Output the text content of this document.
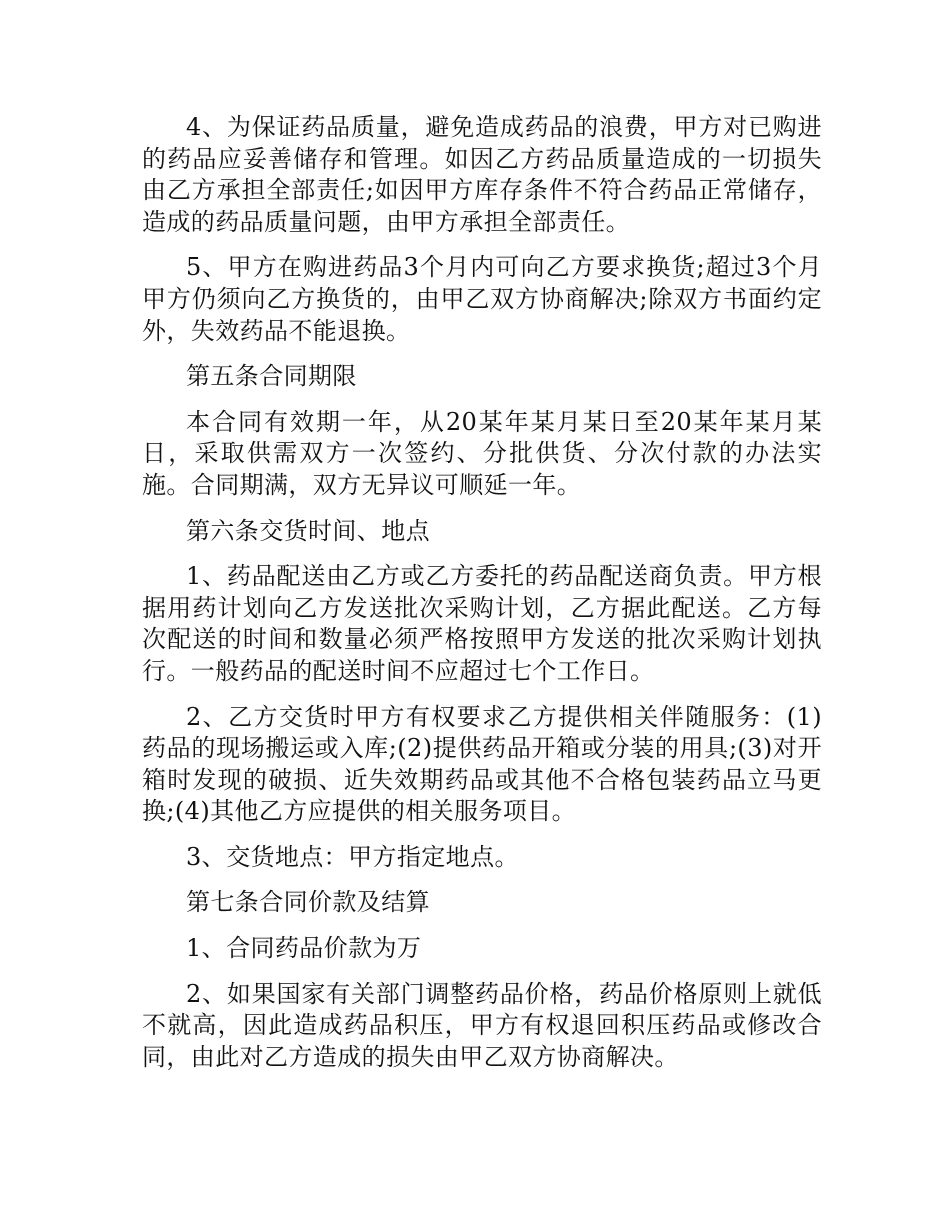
4、为保证药品质量，避免造成药品的浪费，甲方对已购进的药品应妥善储存和管理。如因乙方药品质量造成的一切损失由乙方承担全部责任;如因甲方库存条件不符合药品正常储存，造成的药品质量问题，由甲方承担全部责任。

5、甲方在购进药品3个月内可向乙方要求换货;超过3个月甲方仍须向乙方换货的，由甲乙双方协商解决;除双方书面约定外，失效药品不能退换。

第五条合同期限

本合同有效期一年，从20某年某月某日至20某年某月某日，采取供需双方一次签约、分批供货、分次付款的办法实施。合同期满，双方无异议可顺延一年。

第六条交货时间、地点

1、药品配送由乙方或乙方委托的药品配送商负责。甲方根据用药计划向乙方发送批次采购计划，乙方据此配送。乙方每次配送的时间和数量必须严格按照甲方发送的批次采购计划执行。一般药品的配送时间不应超过七个工作日。

2、乙方交货时甲方有权要求乙方提供相关伴随服务：(1)药品的现场搬运或入库;(2)提供药品开箱或分装的用具;(3)对开箱时发现的破损、近失效期药品或其他不合格包装药品立马更换;(4)其他乙方应提供的相关服务项目。

3、交货地点：甲方指定地点。

第七条合同价款及结算

1、合同药品价款为万

2、如果国家有关部门调整药品价格，药品价格原则上就低不就高，因此造成药品积压，甲方有权退回积压药品或修改合同，由此对乙方造成的损失由甲乙双方协商解决。
